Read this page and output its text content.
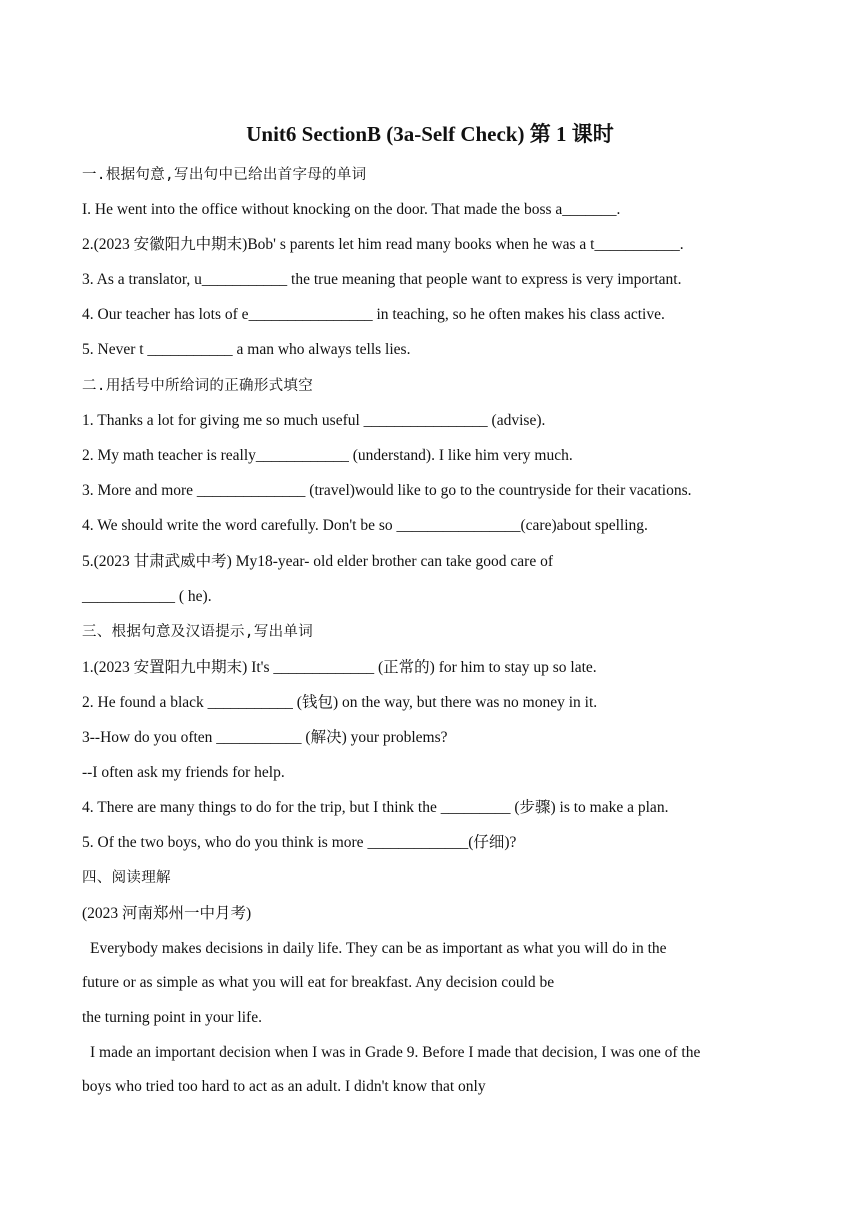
Unit6 SectionB (3a-Self Check) 第 1 课时
一.根据句意,写出句中已给出首字母的单词
I. He went into the office without knocking on the door. That made the boss a_______.
2.(2023 安徽阳九中期末)Bob' s parents let him read many books when he was a t___________.
3. As a translator, u___________ the true meaning that people want to express is very important.
4. Our teacher has lots of e________________ in teaching, so he often makes his class active.
5. Never t ___________ a man who always tells lies.
二.用括号中所给词的正确形式填空
1. Thanks a lot for giving me so much useful ________________ (advise).
2. My math teacher is really____________ (understand). I like him very much.
3. More and more ______________ (travel)would like to go to the countryside for their vacations.
4. We should write the word carefully. Don't be so ________________(care)about spelling.
5.(2023 甘肃武威中考) My18-year- old elder brother can take good care of
____________ ( he).
三、根据句意及汉语提示,写出单词
1.(2023 安置阳九中期末) It's _____________ (正常的) for him to stay up so late.
2. He found a black ___________ (钱包) on the way, but there was no money in it.
3--How do you often ___________ (解决) your problems?
--I often ask my friends for help.
4. There are many things to do for the trip, but I think the _________ (步骤) is to make a plan.
5. Of the two boys, who do you think is more _____________(仔细)?
四、阅读理解
(2023 河南郑州一中月考)
Everybody makes decisions in daily life. They can be as important as what you will do in the
future or as simple as what you will eat for breakfast. Any decision could be
the turning point in your life.
I made an important decision when I was in Grade 9. Before I made that decision, I was one of the
boys who tried too hard to act as an adult. I didn't know that only
